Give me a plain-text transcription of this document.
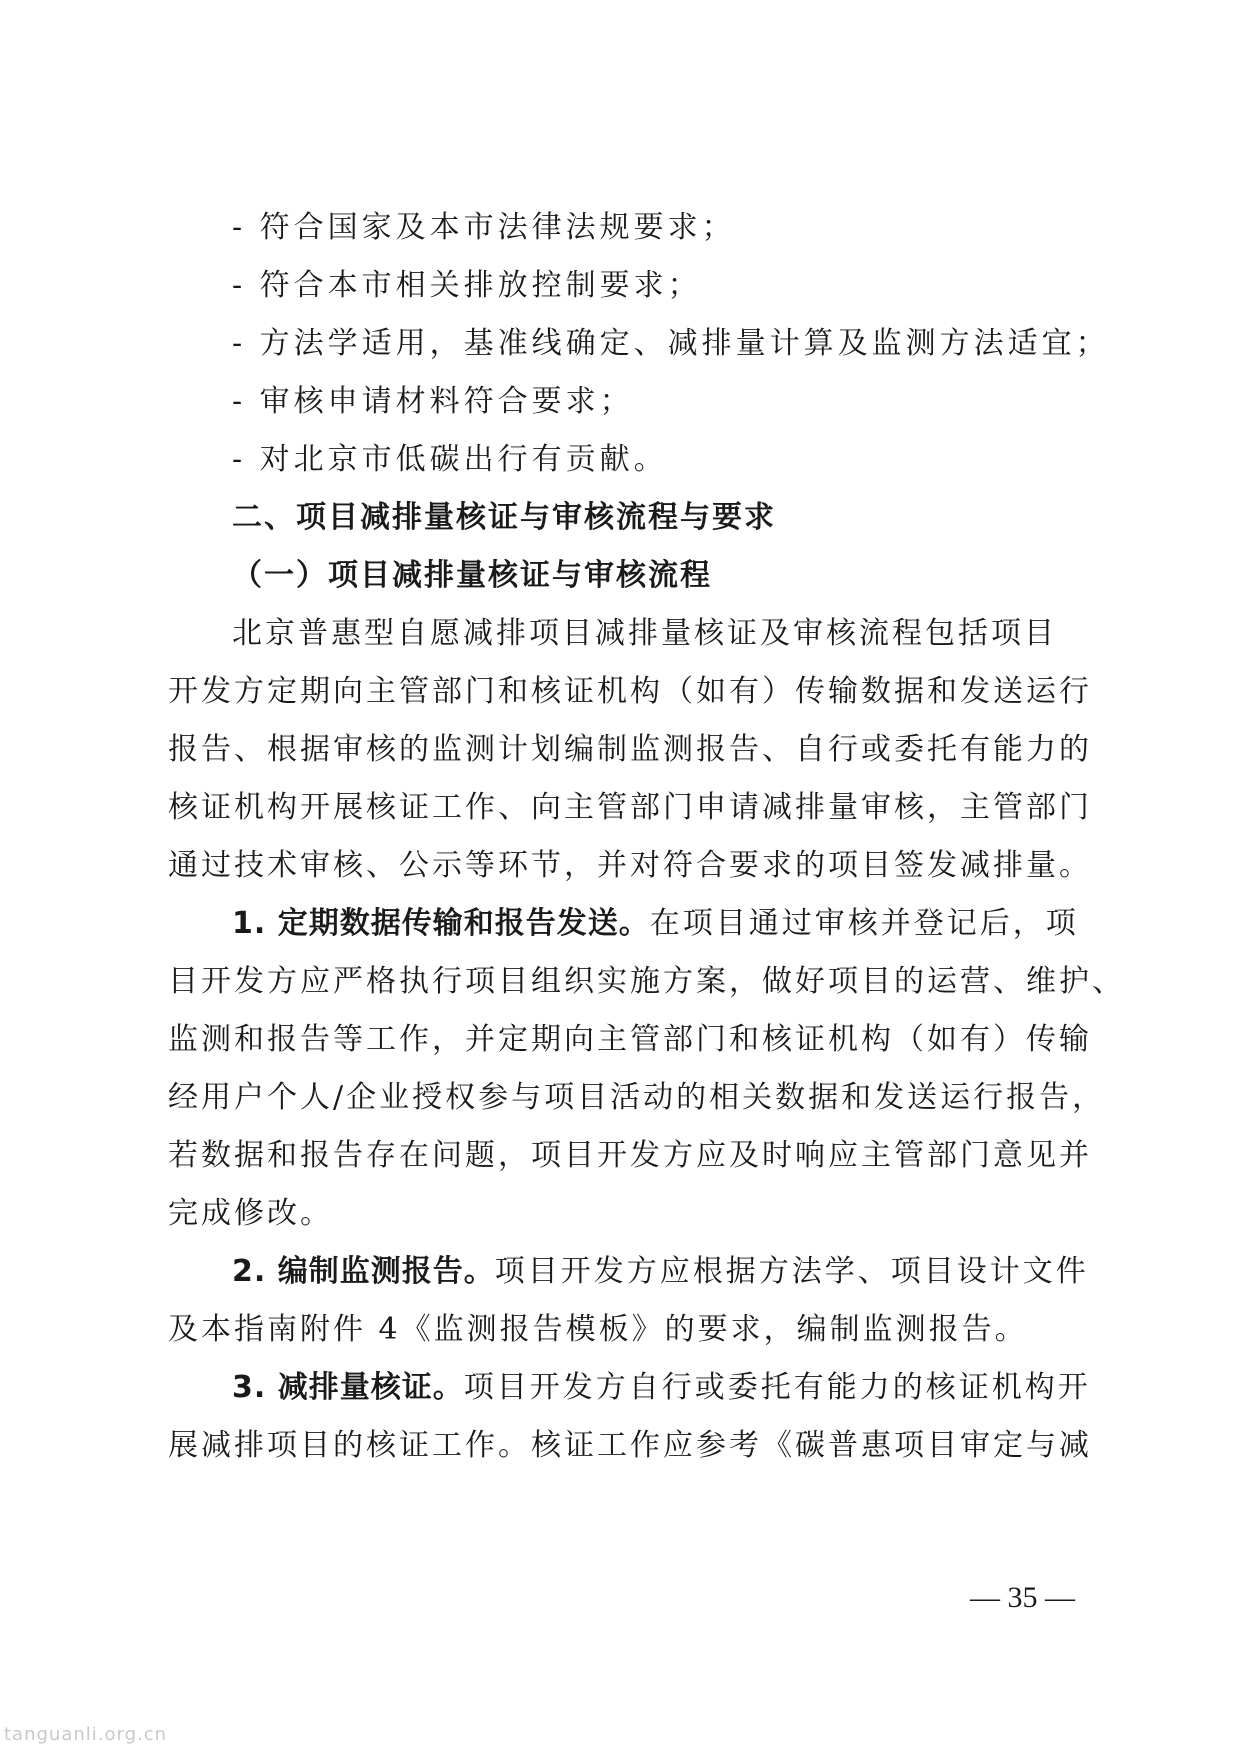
- 符合国家及本市法律法规要求；
- 符合本市相关排放控制要求；
- 方法学适用，基准线确定、减排量计算及监测方法适宜；
- 审核申请材料符合要求；
- 对北京市低碳出行有贡献。
二、项目减排量核证与审核流程与要求
（一）项目减排量核证与审核流程
北京普惠型自愿减排项目减排量核证及审核流程包括项目
开发方定期向主管部门和核证机构（如有）传输数据和发送运行
报告、根据审核的监测计划编制监测报告、自行或委托有能力的
核证机构开展核证工作、向主管部门申请减排量审核，主管部门
通过技术审核、公示等环节，并对符合要求的项目签发减排量。
1. 定期数据传输和报告发送。在项目通过审核并登记后，项
目开发方应严格执行项目组织实施方案，做好项目的运营、维护、
监测和报告等工作，并定期向主管部门和核证机构（如有）传输
经用户个人/企业授权参与项目活动的相关数据和发送运行报告，
若数据和报告存在问题，项目开发方应及时响应主管部门意见并
完成修改。
2. 编制监测报告。项目开发方应根据方法学、项目设计文件
及本指南附件 4《监测报告模板》的要求，编制监测报告。
3. 减排量核证。项目开发方自行或委托有能力的核证机构开
展减排项目的核证工作。核证工作应参考《碳普惠项目审定与减
— 35 —
tanguanli.org.cn
